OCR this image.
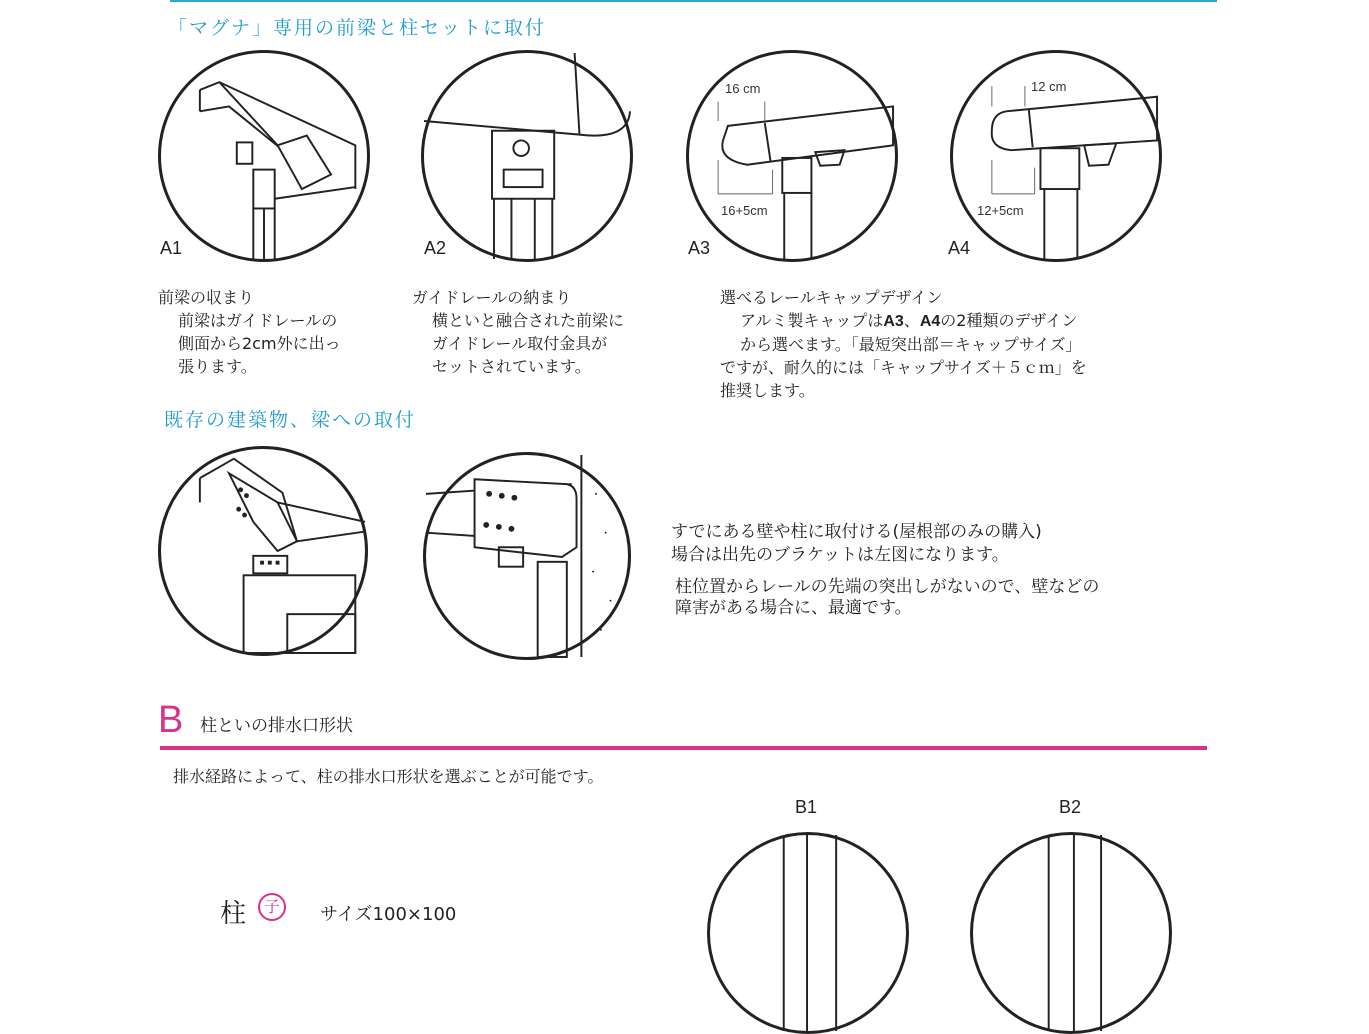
「マグナ」専用の前梁と柱セットに取付
A1	A2
16 cm
16+5cm
A3
12 cm
12+5cm
A4
前梁の収まり
前梁はガイドレールの
側面から2cm外に出っ
張ります。
ガイドレールの納まり
横といと融合された前梁に
ガイドレール取付金具が
セットされています。
選べるレールキャップデザイン
アルミ製キャップはA3、A4の2種類のデザイン
から選べます。「最短突出部＝キャップサイズ」
ですが、耐久的には「キャップサイズ＋５ｃｍ」を
推奨します。
既存の建築物、梁への取付
すでにある壁や柱に取付ける(屋根部のみの購入)
場合は出先のブラケットは左図になります。
柱位置からレールの先端の突出しがないので、壁などの
障害がある場合に、最適です。
B 柱といの排水口形状
排水経路によって、柱の排水口形状を選ぶことが可能です。
B1	B2
柱	子	サイズ100×100
